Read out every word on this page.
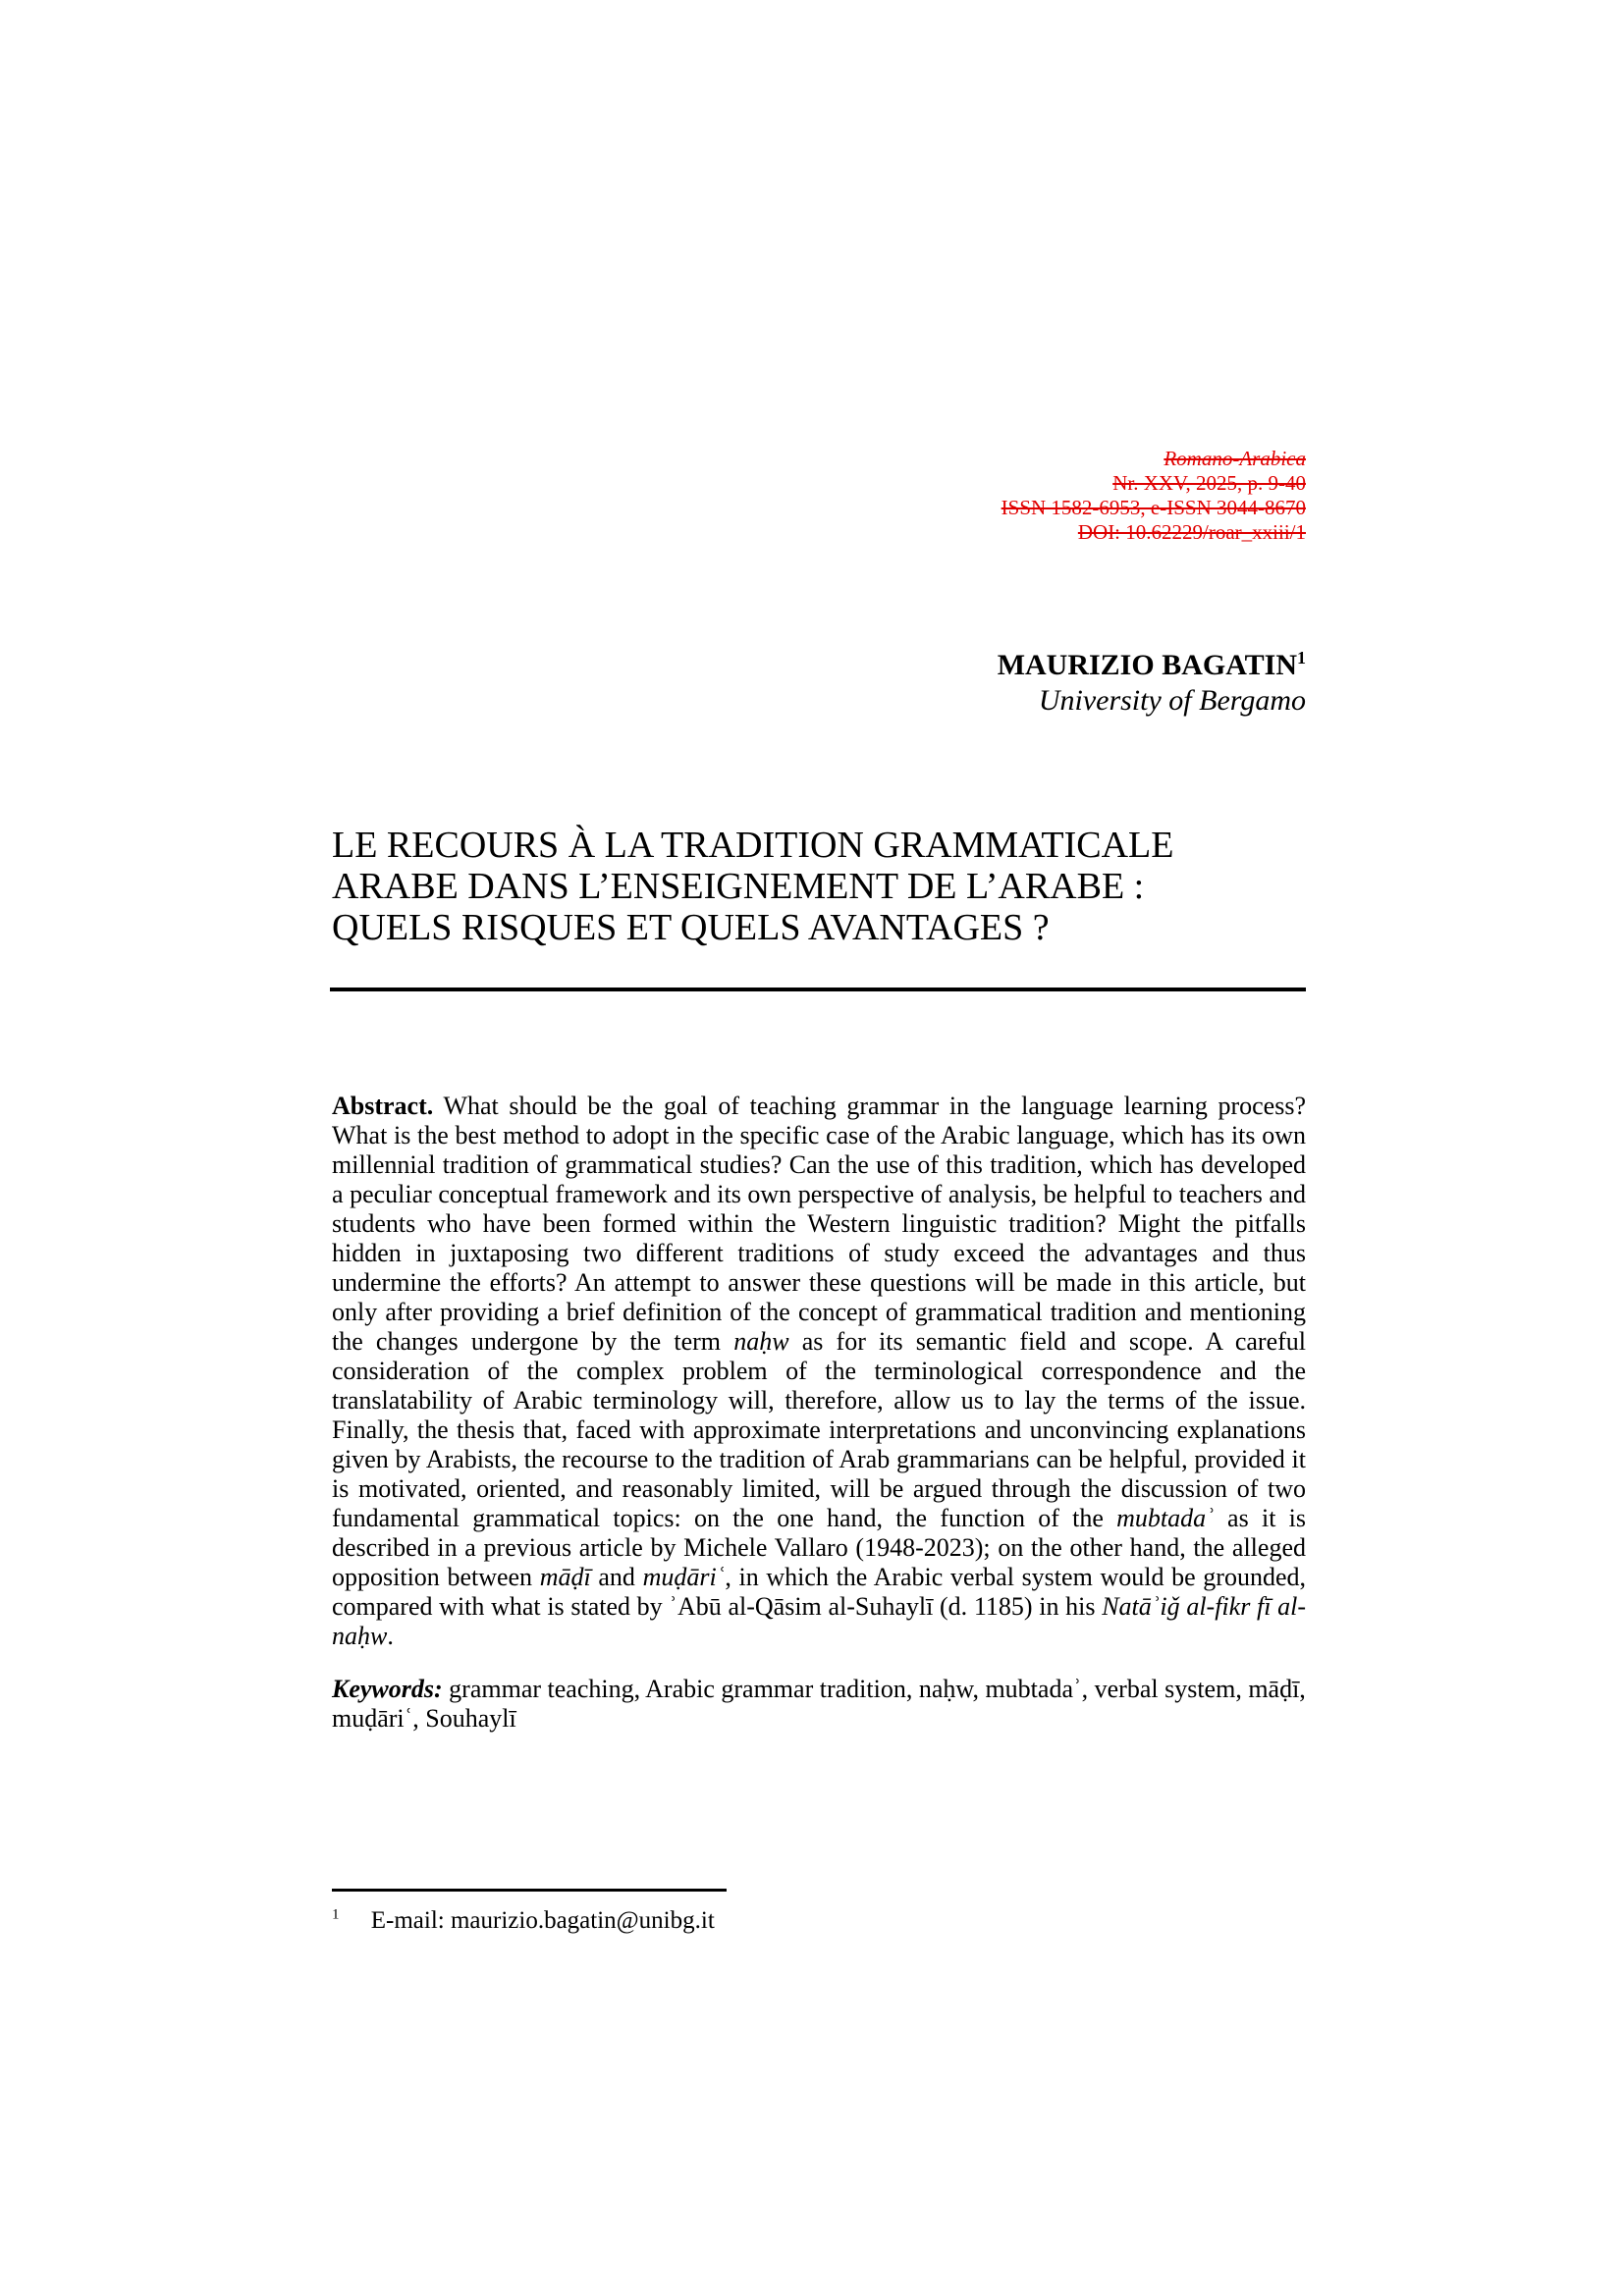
Romano-Arabica
Nr. XXV, 2025, p. 9-40
ISSN 1582-6953, e-ISSN 3044-8670
DOI: 10.62229/roar_xxiii/1
MAURIZIO BAGATIN$^1$
University of Bergamo
LE RECOURS À LA TRADITION GRAMMATICALE
ARABE DANS L’ENSEIGNEMENT DE L’ARABE :
QUELS RISQUES ET QUELS AVANTAGES ?

Abstract. What should be the goal of teaching grammar in the language learning process? What is the best method to adopt in the specific case of the Arabic language, which has its own millennial tradition of grammatical studies? Can the use of this tradition, which has developed a peculiar conceptual framework and its own perspective of analysis, be helpful to teachers and students who have been formed within the Western linguistic tradition? Might the pitfalls hidden in juxtaposing two different traditions of study exceed the advantages and thus undermine the efforts? An attempt to answer these questions will be made in this article, but only after providing a brief definition of the concept of grammatical tradition and mentioning the changes undergone by the term naḥw as for its semantic field and scope. A careful consideration of the complex problem of the terminological correspondence and the translatability of Arabic terminology will, therefore, allow us to lay the terms of the issue. Finally, the thesis that, faced with approximate interpretations and unconvincing explanations given by Arabists, the recourse to the tradition of Arab grammarians can be helpful, provided it is motivated, oriented, and reasonably limited, will be argued through the discussion of two fundamental grammatical topics: on the one hand, the function of the mubtadaʾ as it is described in a previous article by Michele Vallaro (1948-2023); on the other hand, the alleged opposition between māḍī and muḍāriʿ, in which the Arabic verbal system would be grounded, compared with what is stated by ʾAbū al-Qāsim al-Suhaylī (d. 1185) in his Natāʾiǧ al-fikr fī al-naḥw.

Keywords: grammar teaching, Arabic grammar tradition, naḥw, mubtadaʾ, verbal system, māḍī, muḍāriʿ, Souhaylī

$^1$ E-mail: maurizio.bagatin@unibg.it
